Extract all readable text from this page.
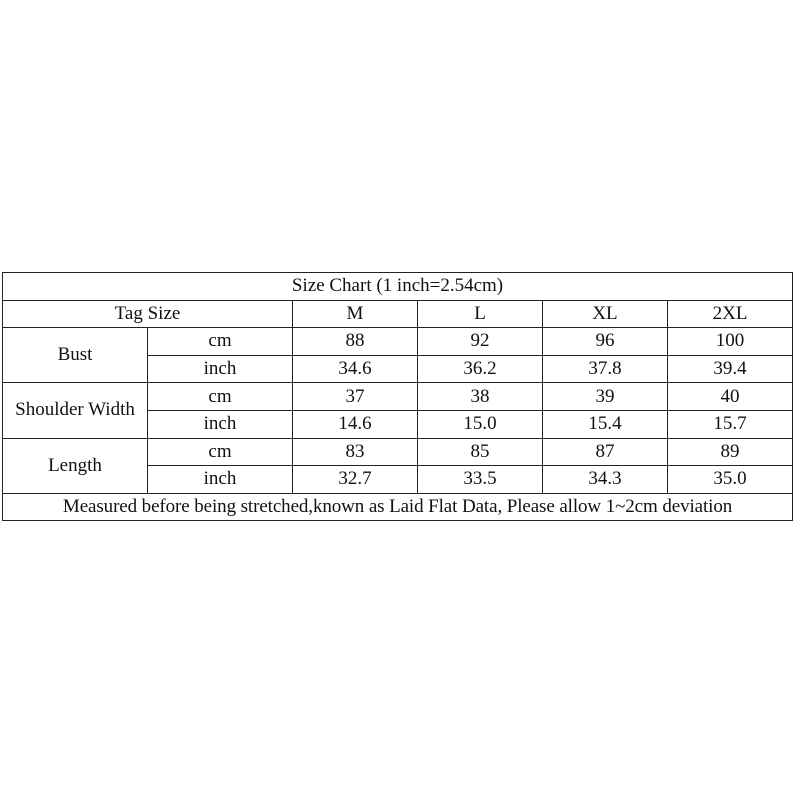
Size Chart (1 inch=2.54cm)					
Tag Size		M	L	XL	2XL
Bust	cm	88	92	96	100
	inch	34.6	36.2	37.8	39.4
Shoulder Width	cm	37	38	39	40
	inch	14.6	15.0	15.4	15.7
Length	cm	83	85	87	89
	inch	32.7	33.5	34.3	35.0
Measured before being stretched,known as Laid Flat Data, Please allow 1~2cm deviation					
